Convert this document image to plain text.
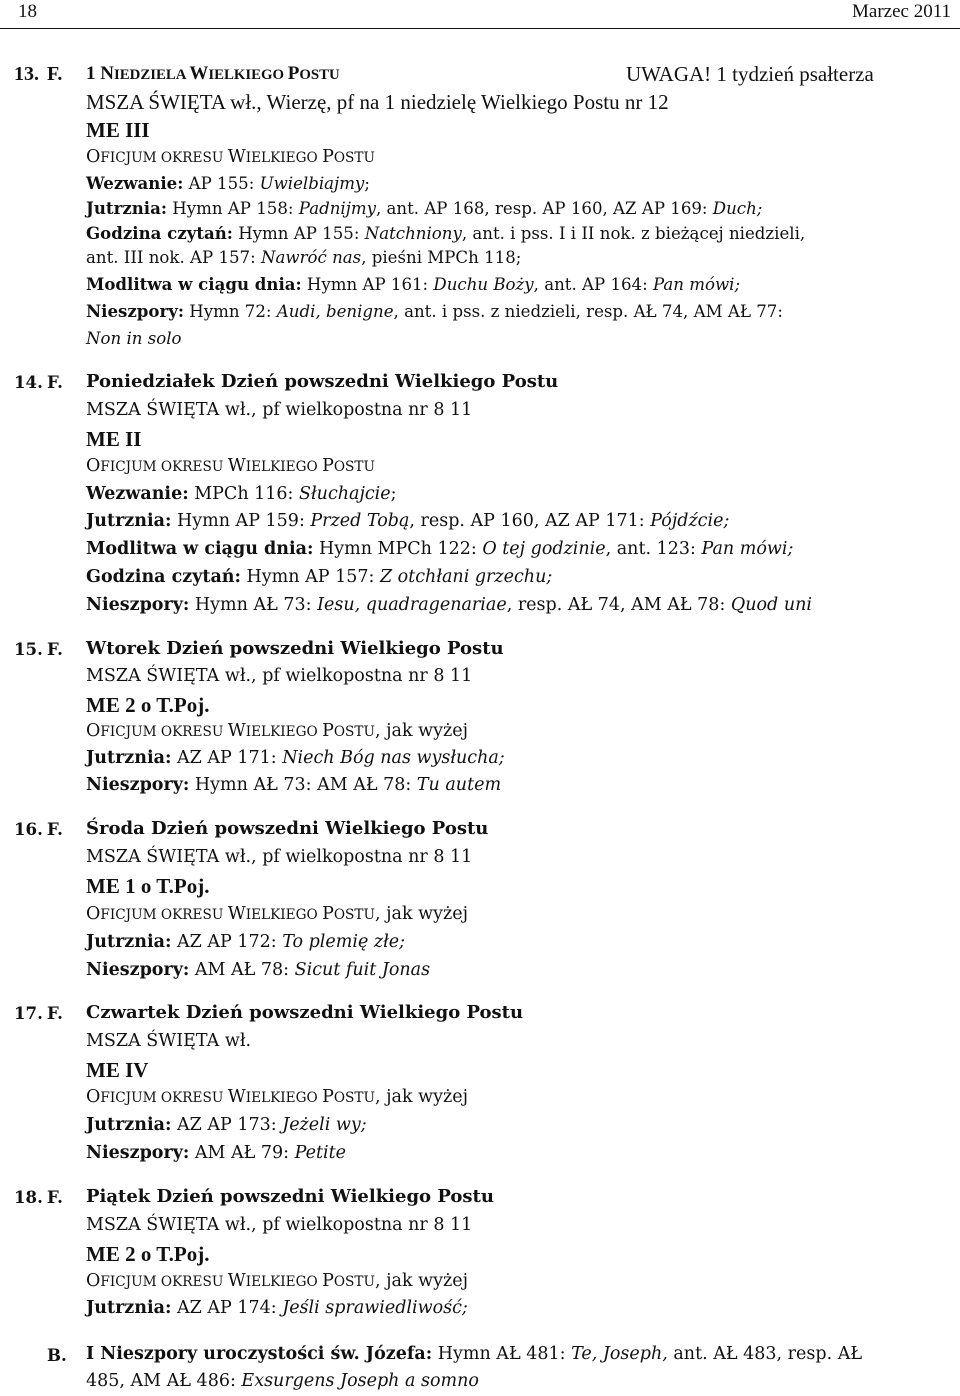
18	Marzec 2011
13. F. 1 NIEDZIELA WIELKIEGO POSTU	UWAGA! 1 tydzień psałterza
MSZA ŚWIĘTA wł., Wierzę, pf na 1 niedzielę Wielkiego Postu nr 12
ME III
OFICJUM OKRESU WIELKIEGO POSTU
Wezwanie: AP 155: Uwielbiajmy;
Jutrznia: Hymn AP 158: Padnijmy, ant. AP 168, resp. AP 160, AZ AP 169: Duch;
Godzina czytań: Hymn AP 155: Natchniony, ant. i pss. I i II nok. z bieżącej niedzieli,
ant. III nok. AP 157: Nawróć nas, pieśni MPCh 118;
Modlitwa w ciągu dnia: Hymn AP 161: Duchu Boży, ant. AP 164: Pan mówi;
Nieszpory: Hymn 72: Audi, benigne, ant. i pss. z niedzieli, resp. AŁ 74, AM AŁ 77:
Non in solo
14. F. Poniedziałek Dzień powszedni Wielkiego Postu
MSZA ŚWIĘTA wł., pf wielkopostna nr 8 11
ME II
OFICJUM OKRESU WIELKIEGO POSTU
Wezwanie: MPCh 116: Słuchajcie;
Jutrznia: Hymn AP 159: Przed Tobą, resp. AP 160, AZ AP 171: Pójdźcie;
Modlitwa w ciągu dnia: Hymn MPCh 122: O tej godzinie, ant. 123: Pan mówi;
Godzina czytań: Hymn AP 157: Z otchłani grzechu;
Nieszpory: Hymn AŁ 73: Iesu, quadragenariae, resp. AŁ 74, AM AŁ 78: Quod uni
15. F. Wtorek Dzień powszedni Wielkiego Postu
MSZA ŚWIĘTA wł., pf wielkopostna nr 8 11
ME 2 o T.Poj.
OFICJUM OKRESU WIELKIEGO POSTU, jak wyżej
Jutrznia: AZ AP 171: Niech Bóg nas wysłucha;
Nieszpory: Hymn AŁ 73: AM AŁ 78: Tu autem
16. F. Środa Dzień powszedni Wielkiego Postu
MSZA ŚWIĘTA wł., pf wielkopostna nr 8 11
ME 1 o T.Poj.
OFICJUM OKRESU WIELKIEGO POSTU, jak wyżej
Jutrznia: AZ AP 172: To plemię złe;
Nieszpory: AM AŁ 78: Sicut fuit Jonas
17. F. Czwartek Dzień powszedni Wielkiego Postu
MSZA ŚWIĘTA wł.
ME IV
OFICJUM OKRESU WIELKIEGO POSTU, jak wyżej
Jutrznia: AZ AP 173: Jeżeli wy;
Nieszpory: AM AŁ 79: Petite
18. F. Piątek Dzień powszedni Wielkiego Postu
MSZA ŚWIĘTA wł., pf wielkopostna nr 8 11
ME 2 o T.Poj.
OFICJUM OKRESU WIELKIEGO POSTU, jak wyżej
Jutrznia: AZ AP 174: Jeśli sprawiedliwość;
B. I Nieszpory uroczystości św. Józefa: Hymn AŁ 481: Te, Joseph, ant. AŁ 483, resp. AŁ
485, AM AŁ 486: Exsurgens Joseph a somno
